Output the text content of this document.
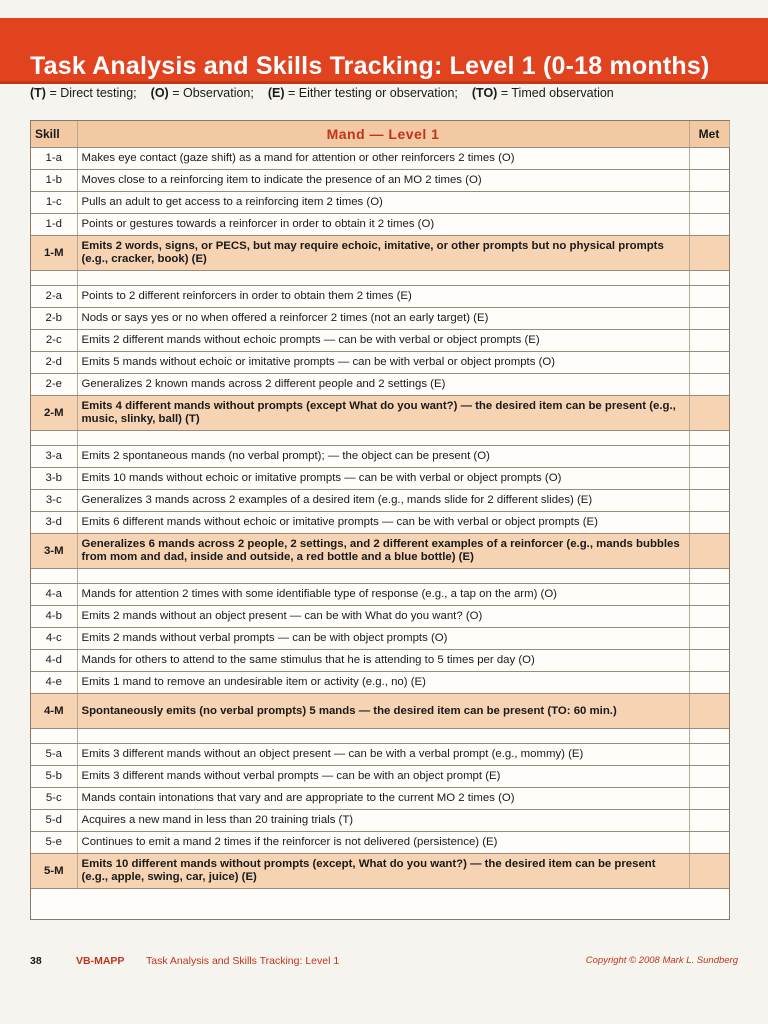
Task Analysis and Skills Tracking: Level 1 (0-18 months)
(T) = Direct testing; (O) = Observation; (E) = Either testing or observation; (TO) = Timed observation
Skill	Mand — Level 1	Met
1-a	Makes eye contact (gaze shift) as a mand for attention or other reinforcers 2 times (O)	
1-b	Moves close to a reinforcing item to indicate the presence of an MO 2 times (O)	
1-c	Pulls an adult to get access to a reinforcing item 2 times (O)	
1-d	Points or gestures towards a reinforcer in order to obtain it 2 times (O)	
1-M	Emits 2 words, signs, or PECS, but may require echoic, imitative, or other prompts but no physical prompts (e.g., cracker, book) (E)	

2-a	Points to 2 different reinforcers in order to obtain them 2 times (E)	
2-b	Nods or says yes or no when offered a reinforcer 2 times (not an early target) (E)	
2-c	Emits 2 different mands without echoic prompts — can be with verbal or object prompts (E)	
2-d	Emits 5 mands without echoic or imitative prompts — can be with verbal or object prompts (O)	
2-e	Generalizes 2 known mands across 2 different people and 2 settings (E)	
2-M	Emits 4 different mands without prompts (except What do you want?) — the desired item can be present (e.g., music, slinky, ball) (T)	

3-a	Emits 2 spontaneous mands (no verbal prompt); — the object can be present (O)	
3-b	Emits 10 mands without echoic or imitative prompts — can be with verbal or object prompts (O)	
3-c	Generalizes 3 mands across 2 examples of a desired item (e.g., mands slide for 2 different slides) (E)	
3-d	Emits 6 different mands without echoic or imitative prompts — can be with verbal or object prompts (E)	
3-M	Generalizes 6 mands across 2 people, 2 settings, and 2 different examples of a reinforcer (e.g., mands bubbles from mom and dad, inside and outside, a red bottle and a blue bottle) (E)	

4-a	Mands for attention 2 times with some identifiable type of response (e.g., a tap on the arm) (O)	
4-b	Emits 2 mands without an object present — can be with What do you want? (O)	
4-c	Emits 2 mands without verbal prompts — can be with object prompts (O)	
4-d	Mands for others to attend to the same stimulus that he is attending to 5 times per day (O)	
4-e	Emits 1 mand to remove an undesirable item or activity (e.g., no) (E)	
4-M	Spontaneously emits (no verbal prompts) 5 mands — the desired item can be present (TO: 60 min.)	

5-a	Emits 3 different mands without an object present — can be with a verbal prompt (e.g., mommy) (E)	
5-b	Emits 3 different mands without verbal prompts — can be with an object prompt (E)	
5-c	Mands contain intonations that vary and are appropriate to the current MO 2 times (O)	
5-d	Acquires a new mand in less than 20 training trials (T)	
5-e	Continues to emit a mand 2 times if the reinforcer is not delivered (persistence) (E)	
5-M	Emits 10 different mands without prompts (except, What do you want?) — the desired item can be present (e.g., apple, swing, car, juice) (E)	
38	VB-MAPP Task Analysis and Skills Tracking: Level 1	Copyright © 2008 Mark L. Sundberg
